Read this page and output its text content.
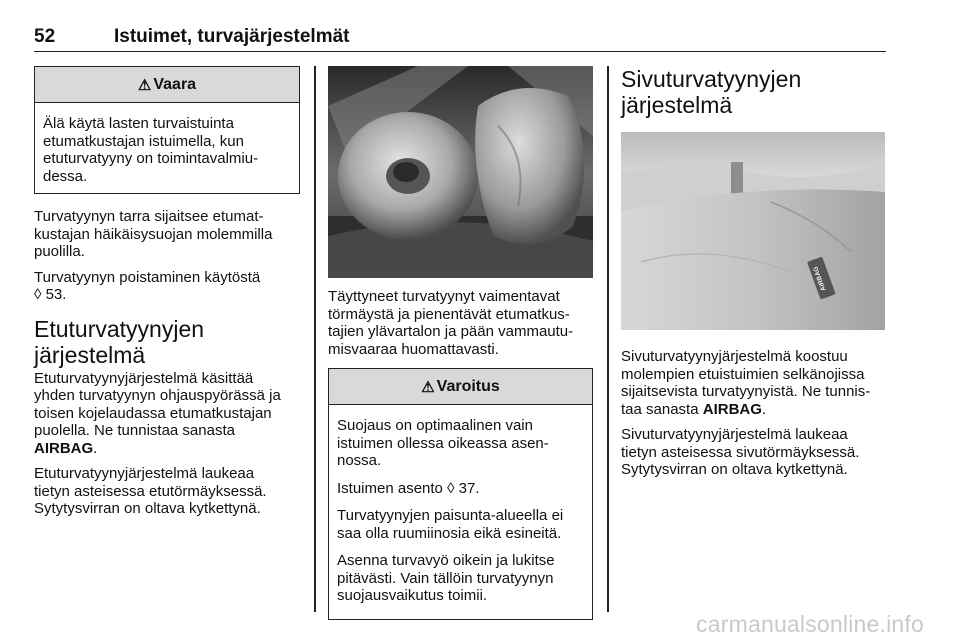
52	Istuimet, turvajärjestelmät
⚠ Vaara
Älä käytä lasten turvaistuinta
etumatkustajan istuimella, kun
etuturvatyyny on toimintavalmiu-
dessa.
Turvatyynyn tarra sijaitsee etumat-
kustajan häikäisysuojan molemmilla
puolilla.
Turvatyynyn poistaminen käytöstä
◊ 53.
Etuturvatyynyjen
järjestelmä
Etuturvatyynyjärjestelmä käsittää
yhden turvatyynyn ohjauspyörässä ja
toisen kojelaudassa etumatkustajan
puolella. Ne tunnistaa sanasta
AIRBAG.
Etuturvatyynyjärjestelmä laukeaa
tietyn asteisessa etutörmäyksessä.
Sytytysvirran on oltava kytkettynä.
Täyttyneet turvatyynyt vaimentavat
törmäystä ja pienentävät etumatkus-
tajien ylävartalon ja pään vammautu-
misvaaraa huomattavasti.
⚠ Varoitus
Suojaus on optimaalinen vain
istuimen ollessa oikeassa asen-
nossa.
Istuimen asento ◊ 37.
Turvatyynyjen paisunta-alueella ei
saa olla ruumiinosia eikä esineitä.
Asenna turvavyö oikein ja lukitse
pitävästi. Vain tällöin turvatyynyn
suojausvaikutus toimii.
Sivuturvatyynyjen
järjestelmä
AIRBAG
Sivuturvatyynyjärjestelmä koostuu
molempien etuistuimien selkänojissa
sijaitsevista turvatyynyistä. Ne tunnis-
taa sanasta AIRBAG.
Sivuturvatyynyjärjestelmä laukeaa
tietyn asteisessa sivutörmäyksessä.
Sytytysvirran on oltava kytkettynä.
carmanualsonline.info
